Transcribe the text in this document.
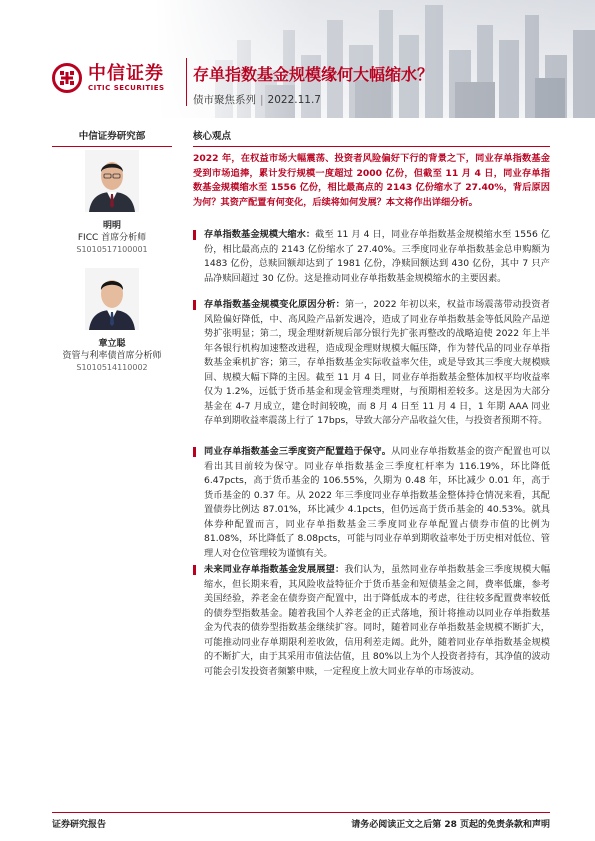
中信证券
CITIC SECURITIES
存单指数基金规模缘何大幅缩水？
债市聚焦系列 | 2022.11.7
中信证券研究部	核心观点
明明
FICC 首席分析师
S1010517100001
章立聪
资管与利率债首席分析师
S1010514110002
2022 年，在权益市场大幅震荡、投资者风险偏好下行的背景之下，同业存单指数基金受到市场追捧，累计发行规模一度超过 2000 亿份，但截至 11 月 4 日，同业存单指数基金规模缩水至 1556 亿份，相比最高点的 2143 亿份缩水了 27.40%，背后原因为何？其资产配置有何变化，后续将如何发展？本文将作出详细分析。
存单指数基金规模大缩水：截至 11 月 4 日，同业存单指数基金规模缩水至 1556 亿份，相比最高点的 2143 亿份缩水了 27.40%。三季度同业存单指数基金总申购额为 1483 亿份，总赎回额却达到了 1981 亿份，净赎回额达到 430 亿份，其中 7 只产品净赎回超过 30 亿份。这是推动同业存单指数基金规模缩水的主要因素。
存单指数基金规模变化原因分析：第一，2022 年初以来，权益市场震荡带动投资者风险偏好降低，中、高风险产品新发遇冷，造成了同业存单指数基金等低风险产品逆势扩张明显；第二，现金理财新规后部分银行先扩张再整改的战略迫使 2022 年上半年各银行机构加速整改进程，造成现金理财规模大幅压降，作为替代品的同业存单指数基金乘机扩容；第三，存单指数基金实际收益率欠佳，或是导致其三季度大规模赎回、规模大幅下降的主因。截至 11 月 4 日，同业存单指数基金整体加权平均收益率仅为 1.2%，远低于货币基金和现金管理类理财，与预期相差较多。这是因为大部分基金在 4-7 月成立，建仓时间较晚，而 8 月 4 日至 11 月 4 日，1 年期 AAA 同业存单到期收益率震荡上行了 17bps，导致大部分产品收益欠佳，与投资者预期不符。
同业存单指数基金三季度资产配置趋于保守。从同业存单指数基金的资产配置也可以看出其目前较为保守。同业存单指数基金三季度杠杆率为 116.19%，环比降低 6.47pcts，高于货币基金的 106.55%，久期为 0.48 年，环比减少 0.01 年，高于货币基金的 0.37 年。从 2022 年三季度同业存单指数基金整体持仓情况来看，其配置债券比例达 87.01%，环比减少 4.1pcts，但仍远高于货币基金的 40.53%。就具体券种配置而言，同业存单指数基金三季度同业存单配置占债券市值的比例为 81.08%，环比降低了 8.08pcts，可能与同业存单到期收益率处于历史相对低位、管理人对仓位管理较为谨慎有关。
未来同业存单指数基金发展展望：我们认为，虽然同业存单指数基金三季度规模大幅缩水，但长期来看，其风险收益特征介于货币基金和短债基金之间，费率低廉，参考美国经验，养老金在债券资产配置中，出于降低成本的考虑，往往较多配置费率较低的债券型指数基金。随着我国个人养老金的正式落地，预计将推动以同业存单指数基金为代表的债券型指数基金继续扩容。同时，随着同业存单指数基金规模不断扩大，可能推动同业存单期限利差收敛，信用利差走阔。此外，随着同业存单指数基金规模的不断扩大，由于其采用市值法估值，且 80%以上为个人投资者持有，其净值的波动可能会引发投资者频繁申赎，一定程度上放大同业存单的市场波动。
证券研究报告	请务必阅读正文之后第 28 页起的免责条款和声明
